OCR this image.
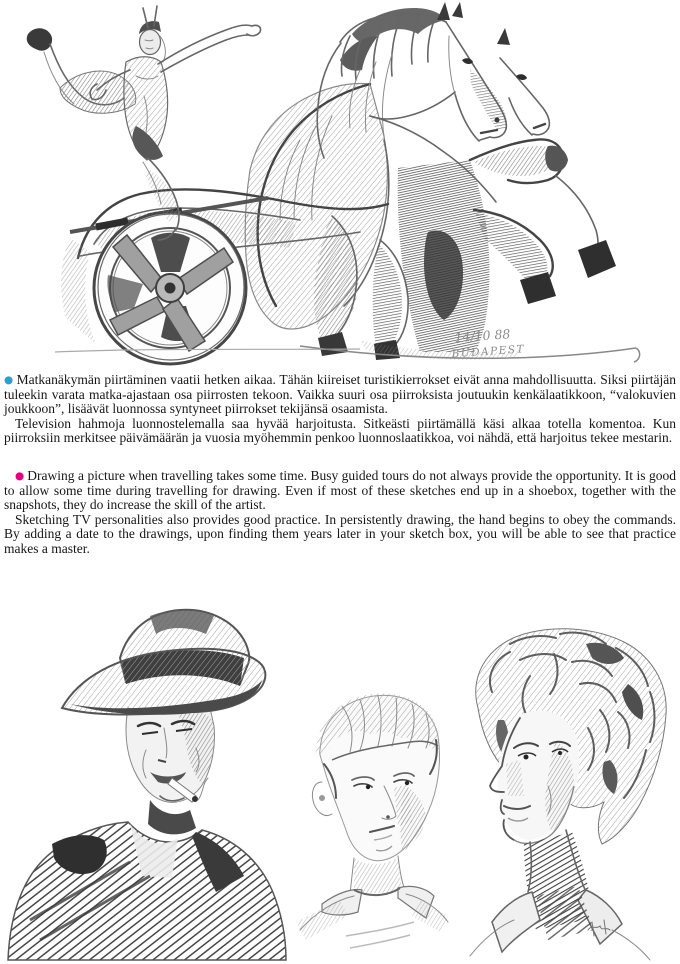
14/10 88
BUDAPEST

● Matkanäkymän piirtäminen vaatii hetken aikaa. Tähän kiireiset turistikierrokset eivät anna mahdollisuutta. Siksi piirtäjän tuleekin varata matka-ajastaan osa piirrosten tekoon. Vaikka suuri osa piirroksista joutuukin kenkälaatikkoon, “valokuvien joukkoon”, lisäävät luonnossa syntyneet piirrokset tekijänsä osaamista.

Television hahmoja luonnostelemalla saa hyvää harjoitusta. Sitkeästi piirtämällä käsi alkaa totella komentoa. Kun piirroksiin merkitsee päivämäärän ja vuosia myöhemmin penkoo luonnoslaatikkoa, voi nähdä, että harjoitus tekee mestarin.

● Drawing a picture when travelling takes some time. Busy guided tours do not always provide the opportunity. It is good to allow some time during travelling for drawing. Even if most of these sketches end up in a shoebox, together with the snapshots, they do increase the skill of the artist.

Sketching TV personalities also provides good practice. In persistently drawing, the hand begins to obey the commands. By adding a date to the drawings, upon finding them years later in your sketch box, you will be able to see that practice makes a master.
